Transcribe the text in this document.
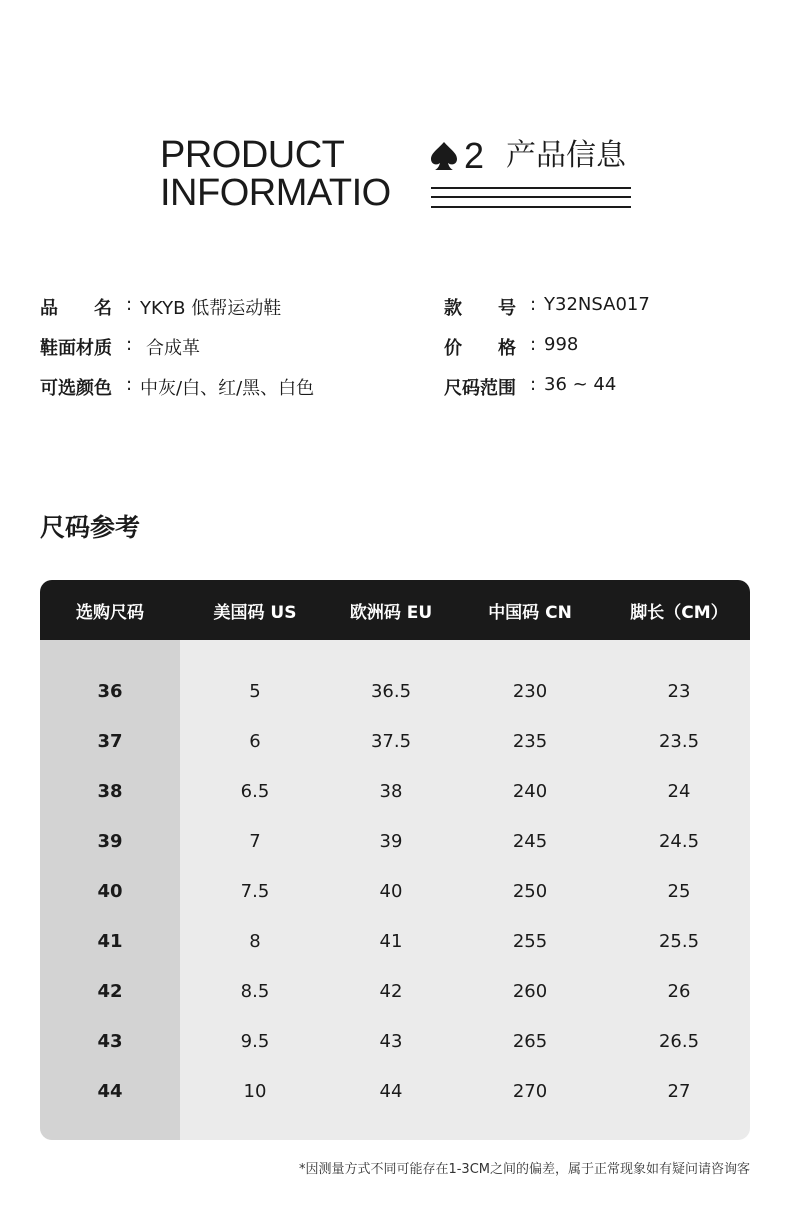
PRODUCT
INFORMATIO
2 产品信息
品　　名 : YKYB 低帮运动鞋	款　　号 : Y32NSA017
鞋面材质 : 合成革	价　　格 : 998
可选颜色 : 中灰/白、红/黑、白色	尺码范围 : 36 ~ 44
尺码参考
选购尺码	美国码 US	欧洲码 EU	中国码 CN	脚长（CM）
36	5	36.5	230	23
37	6	37.5	235	23.5
38	6.5	38	240	24
39	7	39	245	24.5
40	7.5	40	250	25
41	8	41	255	25.5
42	8.5	42	260	26
43	9.5	43	265	26.5
44	10	44	270	27
*因测量方式不同可能存在1-3CM之间的偏差，属于正常现象如有疑问请咨询客
